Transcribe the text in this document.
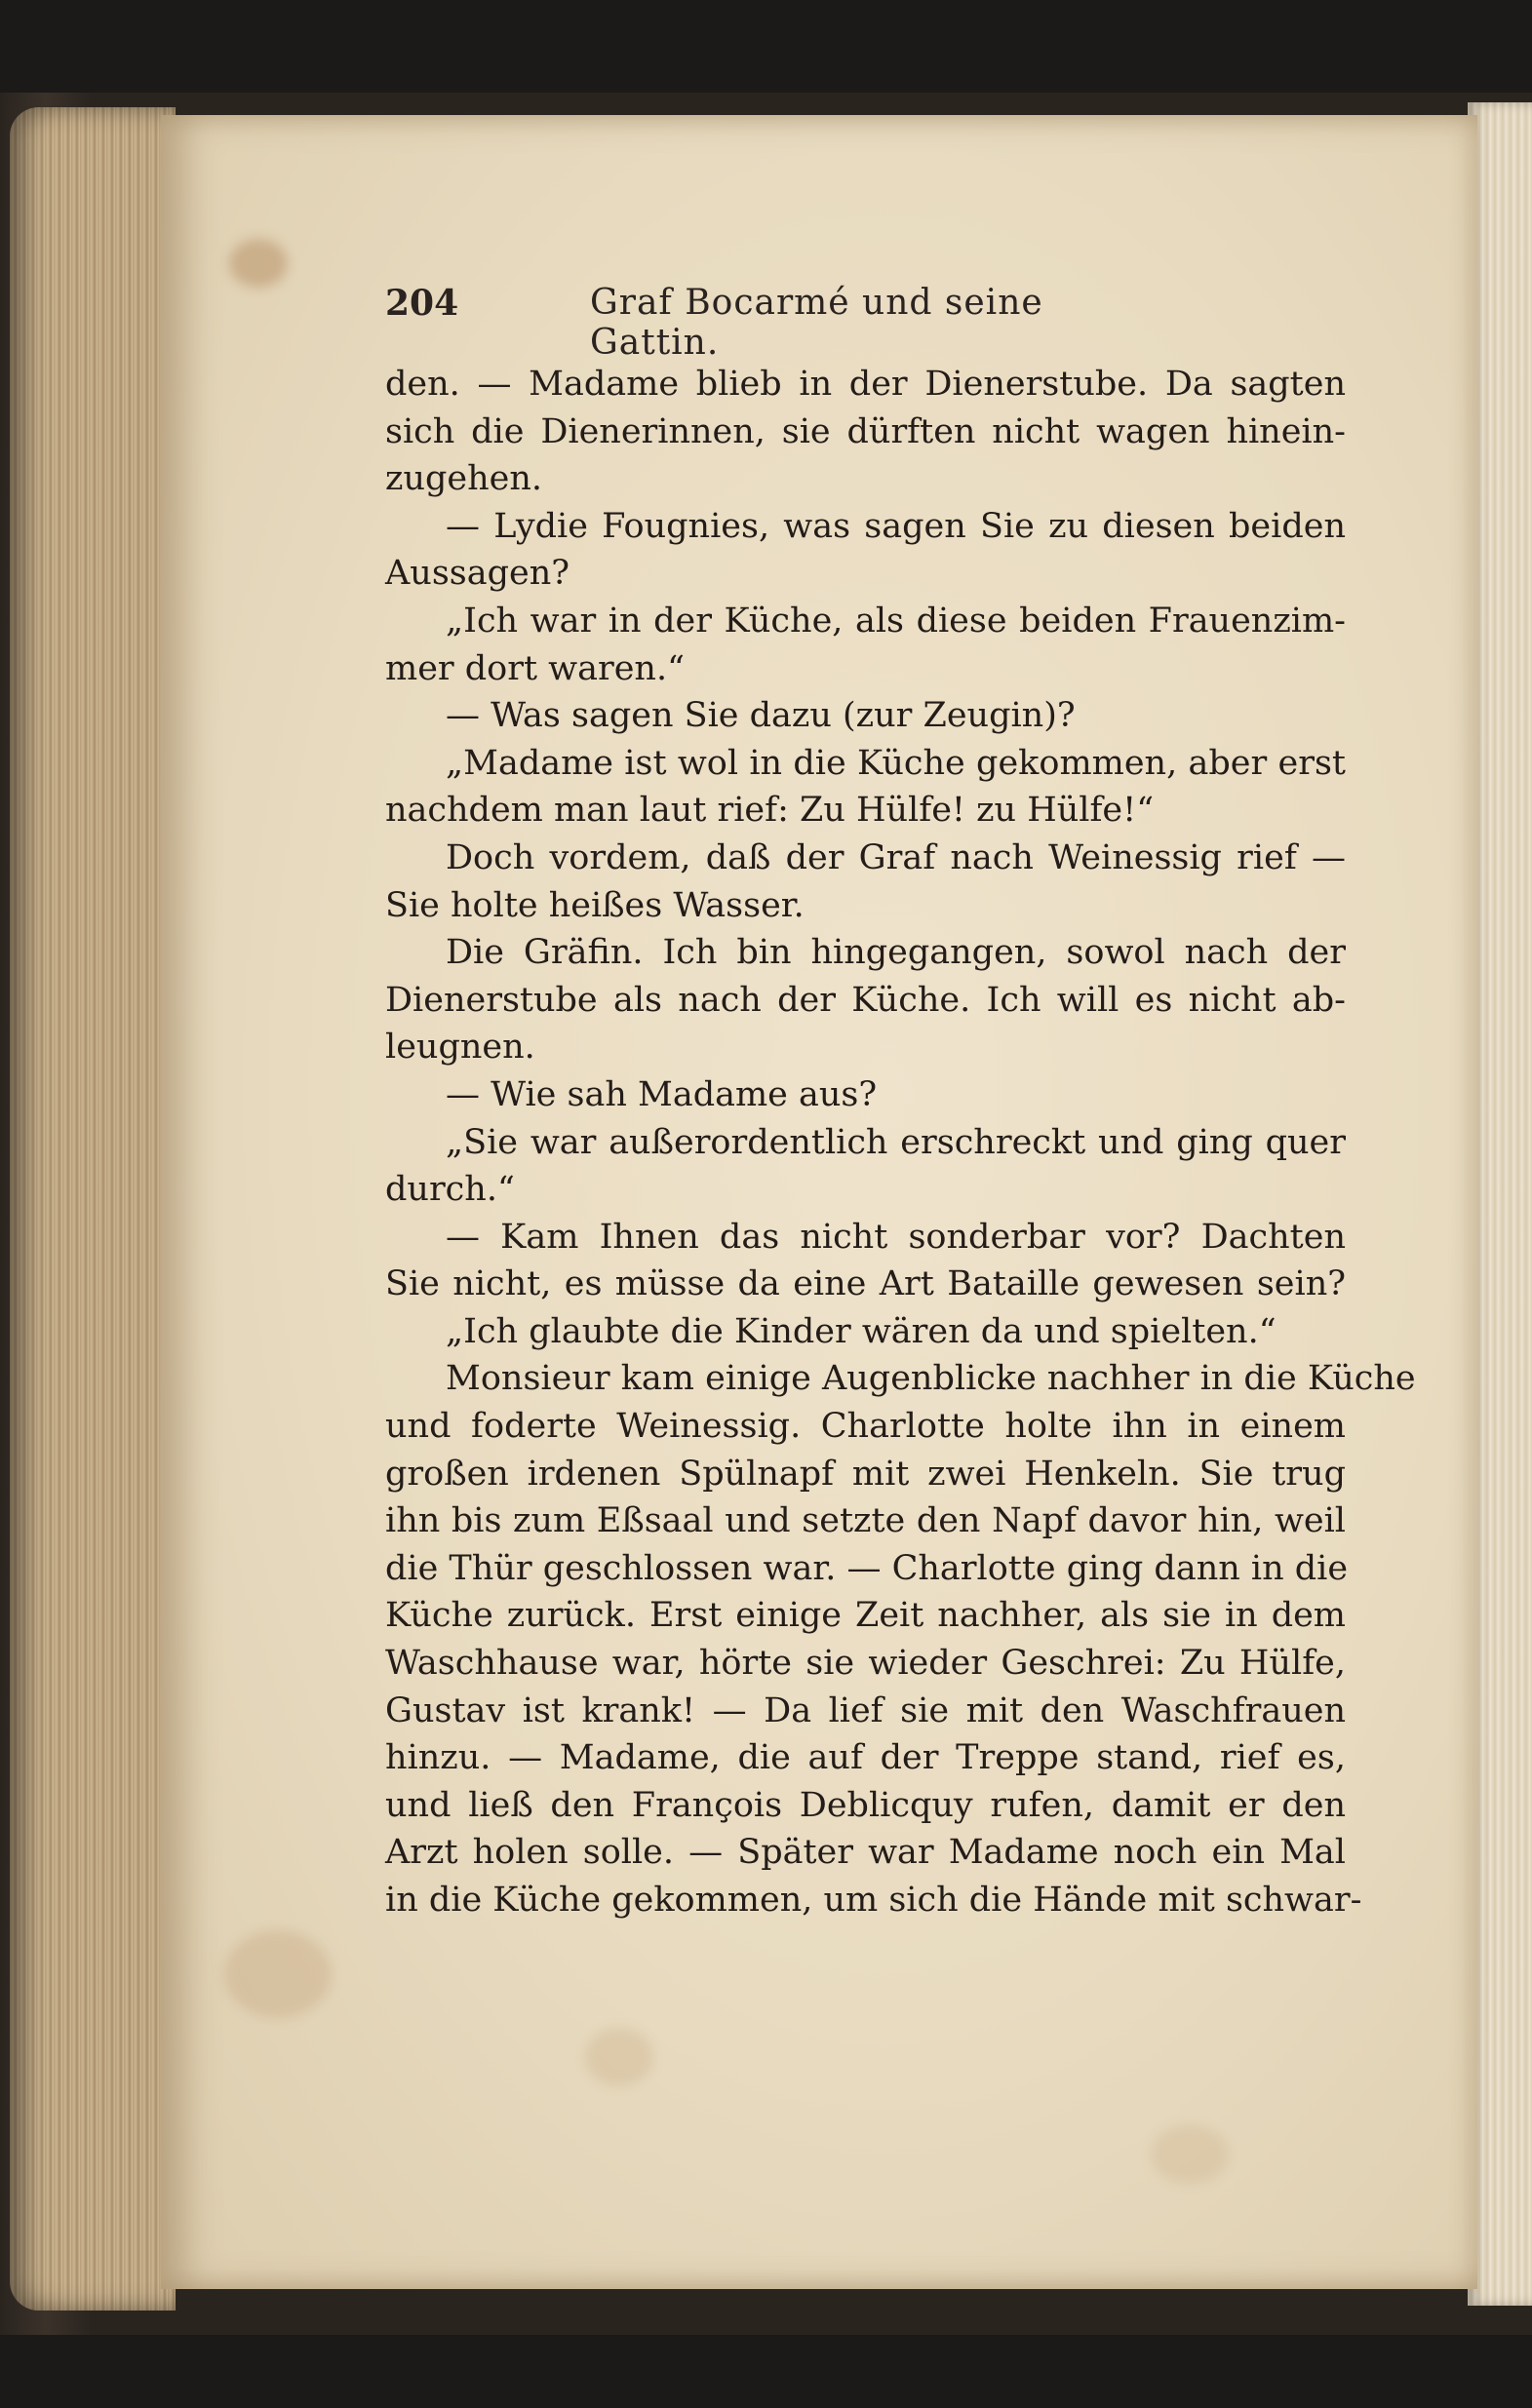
204	Graf Bocarmé und seine Gattin.
den. — Madame blieb in der Dienerstube. Da sagten
sich die Dienerinnen, sie dürften nicht wagen hinein-
zugehen.
— Lydie Fougnies, was sagen Sie zu diesen beiden
Aussagen?
„Ich war in der Küche, als diese beiden Frauenzim-
mer dort waren.“
— Was sagen Sie dazu (zur Zeugin)?
„Madame ist wol in die Küche gekommen, aber erst
nachdem man laut rief: Zu Hülfe! zu Hülfe!“
Doch vordem, daß der Graf nach Weinessig rief —
Sie holte heißes Wasser.
Die Gräfin. Ich bin hingegangen, sowol nach der
Dienerstube als nach der Küche. Ich will es nicht ab-
leugnen.
— Wie sah Madame aus?
„Sie war außerordentlich erschreckt und ging quer
durch.“
— Kam Ihnen das nicht sonderbar vor? Dachten
Sie nicht, es müsse da eine Art Bataille gewesen sein?
„Ich glaubte die Kinder wären da und spielten.“
Monsieur kam einige Augenblicke nachher in die Küche
und foderte Weinessig. Charlotte holte ihn in einem
großen irdenen Spülnapf mit zwei Henkeln. Sie trug
ihn bis zum Eßsaal und setzte den Napf davor hin, weil
die Thür geschlossen war. — Charlotte ging dann in die
Küche zurück. Erst einige Zeit nachher, als sie in dem
Waschhause war, hörte sie wieder Geschrei: Zu Hülfe,
Gustav ist krank! — Da lief sie mit den Waschfrauen
hinzu. — Madame, die auf der Treppe stand, rief es,
und ließ den François Deblicquy rufen, damit er den
Arzt holen solle. — Später war Madame noch ein Mal
in die Küche gekommen, um sich die Hände mit schwar-
